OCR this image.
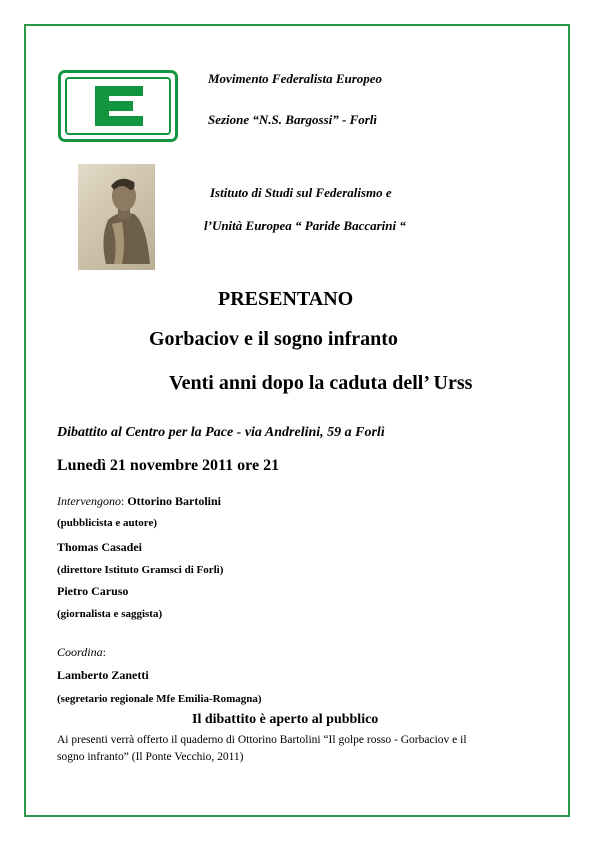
Movimento Federalista Europeo
Sezione “N.S. Bargossi” - Forlì
Istituto di Studi sul Federalismo e
l’Unità Europea “ Paride Baccarini “
PRESENTANO
Gorbaciov e il sogno infranto
Venti anni dopo la caduta dell’ Urss
Dibattito al Centro per la Pace - via Andrelini, 59 a Forlì
Lunedì 21 novembre 2011 ore 21
Intervengono: Ottorino Bartolini
(pubblicista e autore)
Thomas Casadei
(direttore Istituto Gramsci di Forlì)
Pietro Caruso
(giornalista e saggista)
Coordina:
Lamberto Zanetti
(segretario regionale Mfe Emilia-Romagna)
Il dibattito è aperto al pubblico
Ai presenti verrà offerto il quaderno di Ottorino Bartolini “Il golpe rosso - Gorbaciov e il
sogno infranto” (Il Ponte Vecchio, 2011)
